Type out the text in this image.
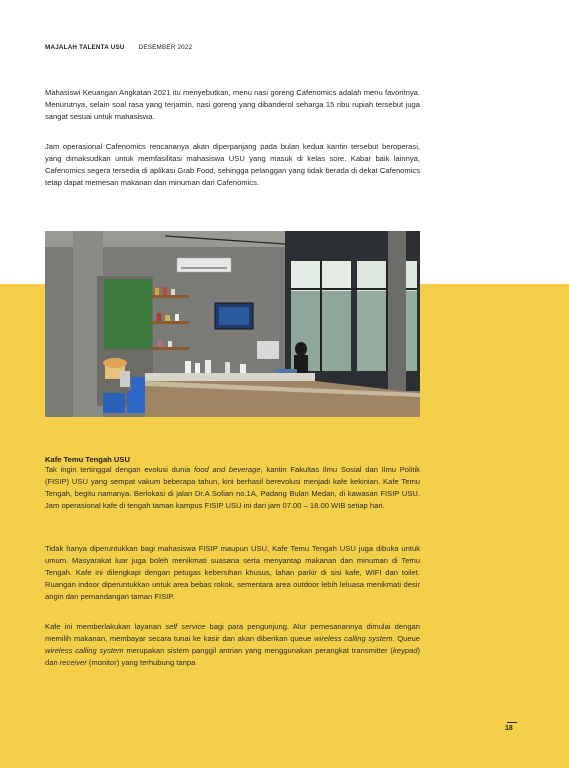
MAJALAH TALENTA USU DESEMBER 2022

Mahasiswi Keuangan Angkatan 2021 itu menyebutkan, menu nasi goreng Cafenomics adalah menu favoritnya. Menurutnya, selain soal rasa yang terjamin, nasi goreng yang dibanderol seharga 15 ribu rupiah tersebut juga sangat sesuai untuk mahasiswa.

Jam operasional Cafenomics rencananya akan diperpanjang pada bulan kedua kantin tersebut beroperasi, yang dimaksudkan untuk memfasilitasi mahasiswa USU yang masuk di kelas sore. Kabar baik lainnya, Cafenomics segera tersedia di aplikasi Grab Food, sehingga pelanggan yang tidak berada di dekat Cafenomics tetap dapat memesan makanan dan minuman dari Cafenomics.

Kafe Temu Tengah USU

Tak ingin tertinggal dengan evolusi dunia food and beverage, kantin Fakultas Ilmu Sosial dan Ilmu Politik (FISIP) USU yang sempat vakum beberapa tahun, kini berhasil berevolusi menjadi kafe kekinian. Kafe Temu Tengah, begitu namanya. Berlokasi di jalan Dr.A Sofian no.1A, Padang Bulan Medan, di kawasan FISIP USU. Jam operasional kafe di tengah taman kampus FISIP USU ini dari jam 07.00 – 18.00 WIB setiap hari.

Tidak hanya diperuntukkan bagi mahasiswa FISIP maupun USU, Kafe Temu Tengah USU juga dibuka untuk umum. Masyarakat luar juga boleh menikmati suasana serta menyantap makanan dan minuman di Temu Tengah. Kafe ini dilengkapi dengan petugas kebersihan khusus, lahan parkir di sisi kafe, WIFI dan toilet. Ruangan indoor diperuntukkan untuk area bebas rokok, sementara area outdoor lebih leluasa menikmati desir angin dan pemandangan taman FISIP.

Kafe ini memberlakukan layanan self service bagi para pengunjung. Alur pemesanannya dimulai dengan memilih makanan, membayar secara tunai ke kasir dan akan diberikan queue wireless calling system. Queue wireless calling system merupakan sistem panggil antrian yang menggunakan perangkat transmitter (keypad) dan receiver (monitor) yang terhubung tanpa

18
